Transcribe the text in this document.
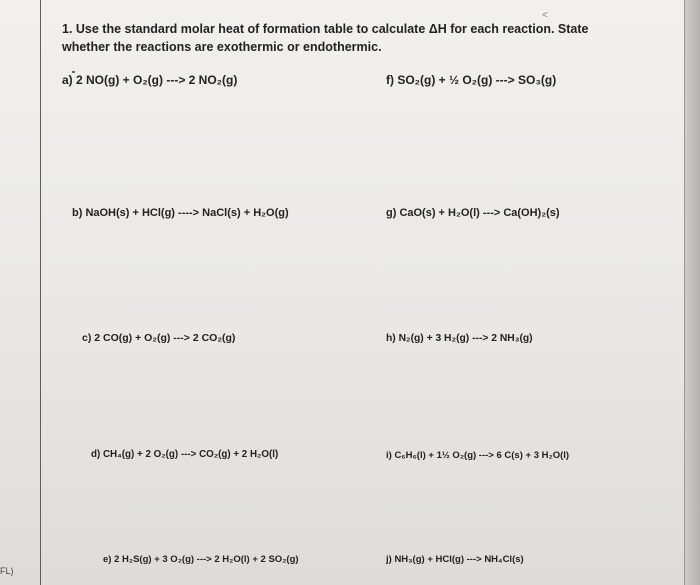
<
FL)
1. Use the standard molar heat of formation table to calculate ΔH for each reaction. State whether the reactions are exothermic or endothermic.
a) 2 NO(g) + O₂(g) ---> 2 NO₂(g)
b) NaOH(s) + HCl(g) ----> NaCl(s) + H₂O(g)
c) 2 CO(g) + O₂(g) ---> 2 CO₂(g)
d) CH₄(g) + 2 O₂(g) ---> CO₂(g) + 2 H₂O(l)
e) 2 H₂S(g) + 3 O₂(g) ---> 2 H₂O(l) + 2 SO₂(g)
f) SO₂(g) + ½ O₂(g) ---> SO₃(g)
g) CaO(s) + H₂O(l) ---> Ca(OH)₂(s)
h) N₂(g) + 3 H₂(g) ---> 2 NH₃(g)
i) C₆H₆(l) + 1½ O₂(g) ---> 6 C(s) + 3 H₂O(l)
j) NH₃(g) + HCl(g) ---> NH₄Cl(s)
